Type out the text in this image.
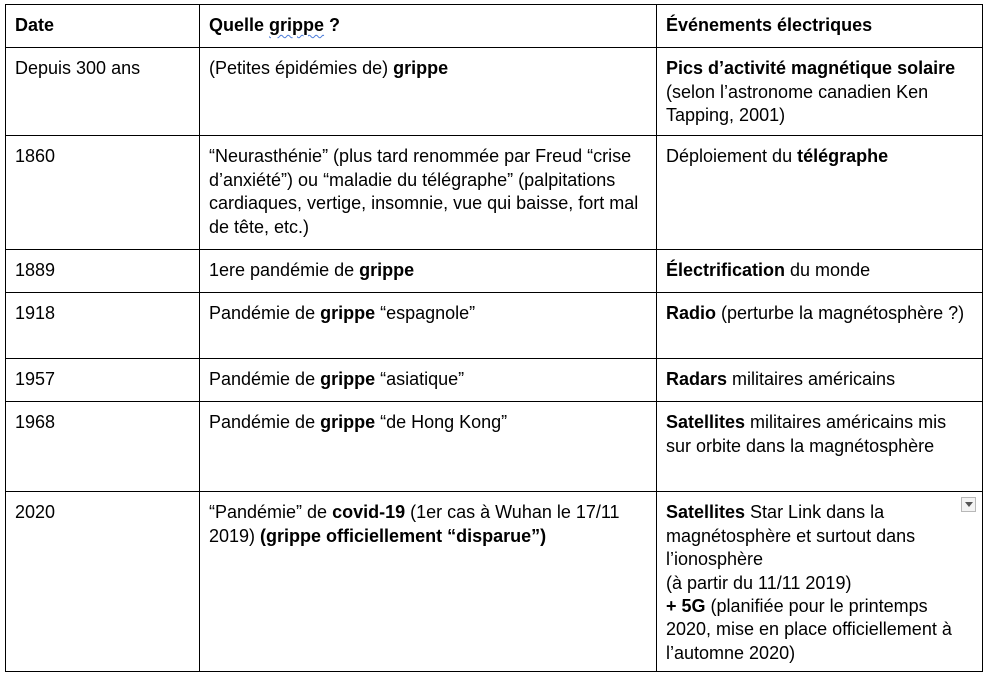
Date	Quelle grippe ?	Événements électriques
Depuis 300 ans	(Petites épidémies de) grippe	Pics d’activité magnétique solaire (selon l’astronome canadien Ken Tapping, 2001)
1860	“Neurasthénie” (plus tard renommée par Freud “crise d’anxiété”) ou “maladie du télégraphe” (palpitations cardiaques, vertige, insomnie, vue qui baisse, fort mal de tête, etc.)	Déploiement du télégraphe
1889	1ere pandémie de grippe	Électrification du monde
1918	Pandémie de grippe “espagnole”	Radio (perturbe la magnétosphère ?)
1957	Pandémie de grippe “asiatique”	Radars militaires américains
1968	Pandémie de grippe “de Hong Kong”	Satellites militaires américains mis sur orbite dans la magnétosphère
2020	“Pandémie” de covid-19 (1er cas à Wuhan le 17/11 2019) (grippe officiellement “disparue”)	Satellites Star Link dans la magnétosphère et surtout dans l’ionosphère
(à partir du 11/11 2019)
+ 5G (planifiée pour le printemps 2020, mise en place officiellement à l’automne 2020)
